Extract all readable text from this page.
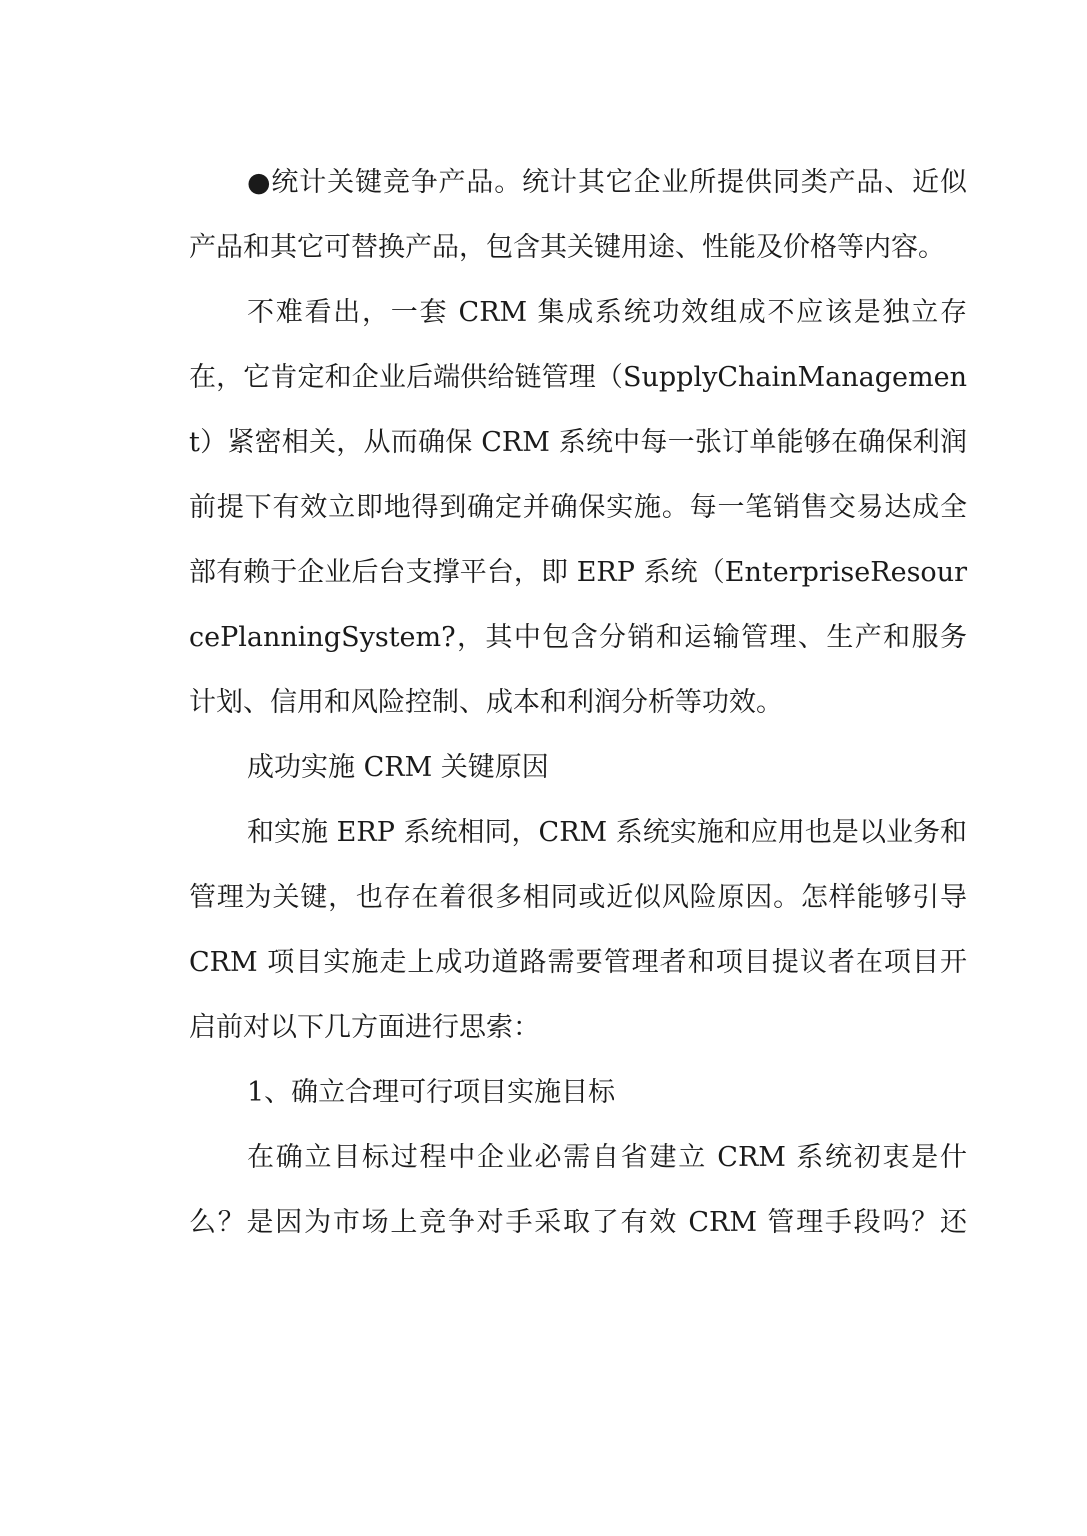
●统计关键竞争产品。统计其它企业所提供同类产品、近似产品和其它可替换产品，包含其关键用途、性能及价格等内容。

不难看出，一套 CRM 集成系统功效组成不应该是独立存在，它肯定和企业后端供给链管理（SupplyChainManagement）紧密相关，从而确保 CRM 系统中每一张订单能够在确保利润前提下有效立即地得到确定并确保实施。每一笔销售交易达成全部有赖于企业后台支撑平台，即 ERP 系统（EnterpriseResourcePlanningSystem?，其中包含分销和运输管理、生产和服务计划、信用和风险控制、成本和利润分析等功效。

成功实施 CRM 关键原因

和实施 ERP 系统相同，CRM 系统实施和应用也是以业务和管理为关键，也存在着很多相同或近似风险原因。怎样能够引导 CRM 项目实施走上成功道路需要管理者和项目提议者在项目开启前对以下几方面进行思索：

1、确立合理可行项目实施目标

在确立目标过程中企业必需自省建立 CRM 系统初衷是什么？是因为市场上竞争对手采取了有效 CRM 管理手段吗？还
